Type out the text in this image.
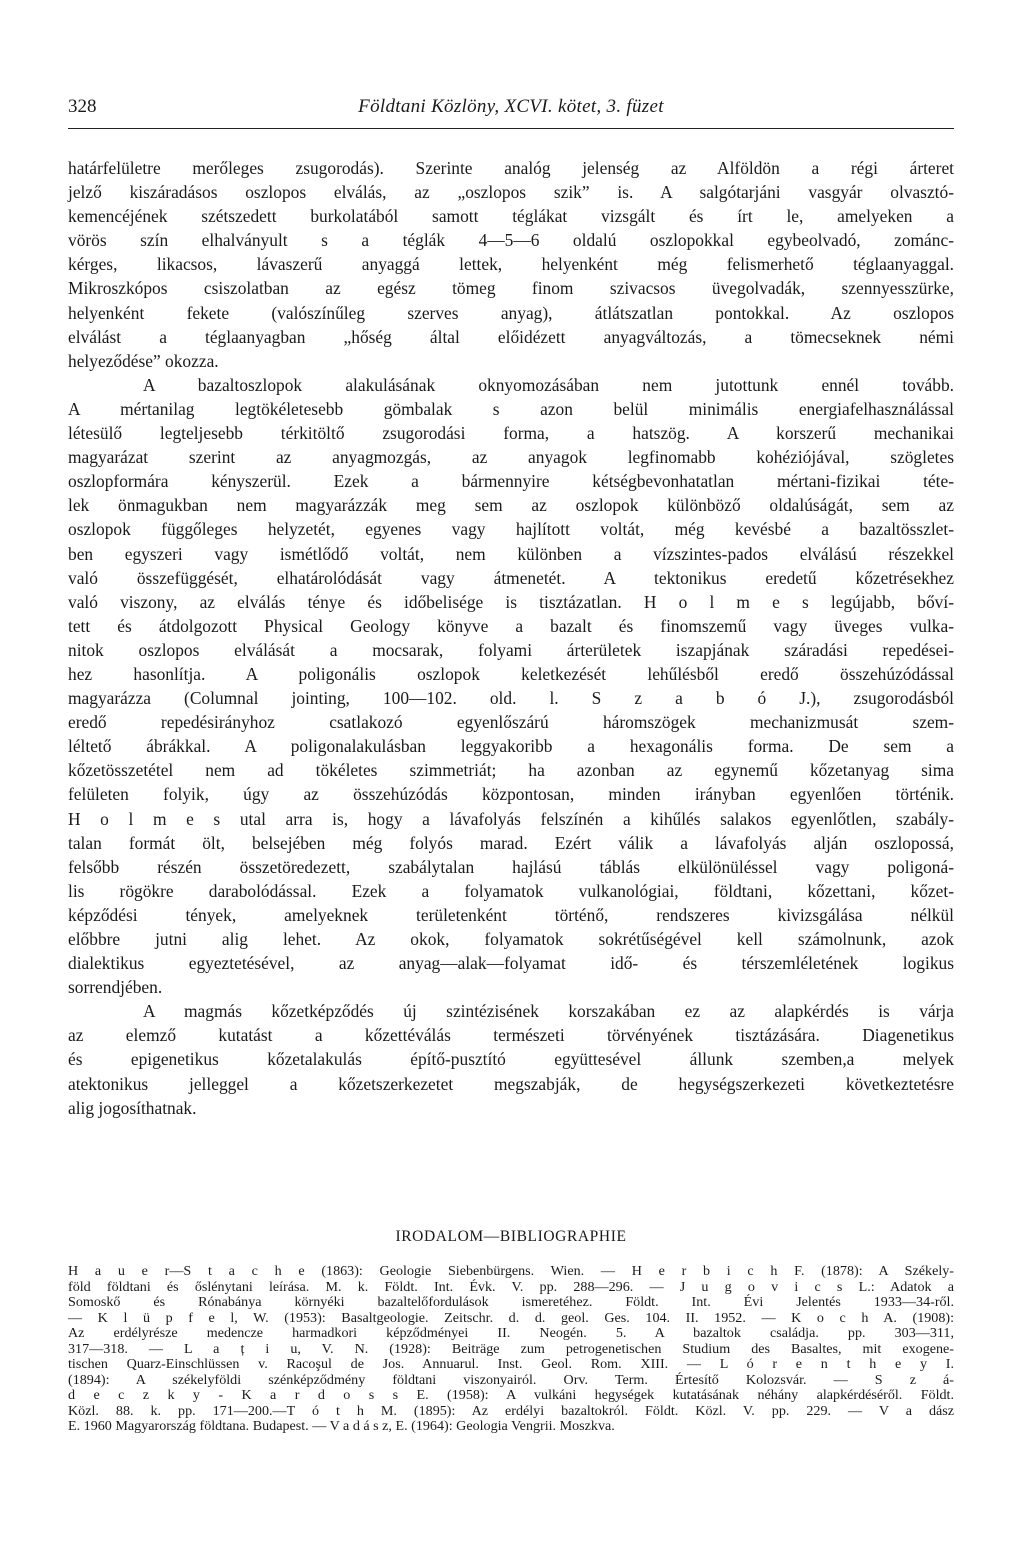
328	Földtani Közlöny, XCVI. kötet, 3. füzet

határfelületre merőleges zsugorodás). Szerinte analóg jelenség az Alföldön a régi árteret

jelző kiszáradásos oszlopos elválás, az „oszlopos szik” is. A salgótarjáni vasgyár olvasztó-

kemencéjének szétszedett burkolatából samott téglákat vizsgált és írt le, amelyeken a

vörös szín elhalványult s a téglák 4—5—6 oldalú oszlopokkal egybeolvadó, zománc-

kérges, likacsos, lávaszerű anyaggá lettek, helyenként még felismerhető téglaanyaggal.

Mikroszkópos csiszolatban az egész tömeg finom szivacsos üvegolvadák, szennyesszürke,

helyenként fekete (valószínűleg szerves anyag), átlátszatlan pontokkal. Az oszlopos

elválást a téglaanyagban „hőség által előidézett anyagváltozás, a tömecseknek némi

helyeződése” okozza.

A bazaltoszlopok alakulásának oknyomozásában nem jutottunk ennél tovább.

A mértanilag legtökéletesebb gömbalak s azon belül minimális energiafelhasználással

létesülő legteljesebb térkitöltő zsugorodási forma, a hatszög. A korszerű mechanikai

magyarázat szerint az anyagmozgás, az anyagok legfinomabb kohéziójával, szögletes

oszlopformára kényszerül. Ezek a bármennyire kétségbevonhatatlan mértani-fizikai téte-

lek önmagukban nem magyarázzák meg sem az oszlopok különböző oldalúságát, sem az

oszlopok függőleges helyzetét, egyenes vagy hajlított voltát, még kevésbé a bazaltösszlet-

ben egyszeri vagy ismétlődő voltát, nem különben a vízszintes-pados elválású részekkel

való összefüggését, elhatárolódását vagy átmenetét. A tektonikus eredetű kőzetrésekhez

való viszony, az elválás ténye és időbelisége is tisztázatlan. H o l m e s legújabb, bőví-

tett és átdolgozott Physical Geology könyve a bazalt és finomszemű vagy üveges vulka-

nitok oszlopos elválását a mocsarak, folyami árterületek iszapjának száradási repedései-

hez hasonlítja. A poligonális oszlopok keletkezését lehűlésből eredő összehúzódással

magyarázza (Columnal jointing, 100—102. old. l. S z a b ó J.), zsugorodásból

eredő repedésirányhoz csatlakozó egyenlőszárú háromszögek mechanizmusát szem-

léltető ábrákkal. A poligonalakulásban leggyakoribb a hexagonális forma. De sem a

kőzetösszetétel nem ad tökéletes szimmetriát; ha azonban az egynemű kőzetanyag sima

felületen folyik, úgy az összehúzódás központosan, minden irányban egyenlően történik.

H o l m e s utal arra is, hogy a lávafolyás felszínén a kihűlés salakos egyenlőtlen, szabály-

talan formát ölt, belsejében még folyós marad. Ezért válik a lávafolyás alján oszlopossá,

felsőbb részén összetöredezett, szabálytalan hajlású táblás elkülönüléssel vagy poligoná-

lis rögökre darabolódással. Ezek a folyamatok vulkanológiai, földtani, kőzettani, kőzet-

képződési tények, amelyeknek területenként történő, rendszeres kivizsgálása nélkül

előbbre jutni alig lehet. Az okok, folyamatok sokrétűségével kell számolnunk, azok

dialektikus egyeztetésével, az anyag—alak—folyamat idő- és térszemléletének logikus

sorrendjében.

A magmás kőzetképződés új szintézisének korszakában ez az alapkérdés is várja

az elemző kutatást a kőzettéválás természeti törvényének tisztázására. Diagenetikus

és epigenetikus kőzetalakulás építő-pusztító együttesével állunk szemben,a melyek

atektonikus jelleggel a kőzetszerkezetet megszabják, de hegységszerkezeti következtetésre

alig jogosíthatnak.

IRODALOM—BIBLIOGRAPHIE

H a u e r—S t a c h e (1863): Geologie Siebenbürgens. Wien. — H e r b i c h F. (1878): A Székely-

föld földtani és őslénytani leírása. M. k. Földt. Int. Évk. V. pp. 288—296. — J u g o v i c s L.: Adatok a

Somoskő és Rónabánya környéki bazaltelőfordulások ismeretéhez. Földt. Int. Évi Jelentés 1933—34-ről.

— K l ü p f e l, W. (1953): Basaltgeologie. Zeitschr. d. d. geol. Ges. 104. II. 1952. — K o c h A. (1908):

Az erdélyrésze medencze harmadkori képződményei II. Neogén. 5. A bazaltok családja. pp. 303—311,

317—318. — L a ț i u, V. N. (1928): Beiträge zum petrogenetischen Studium des Basaltes, mit exogene-

tischen Quarz-Einschlüssen v. Racoşul de Jos. Annuarul. Inst. Geol. Rom. XIII. — L ó r e n t h e y I.

(1894): A székelyföldi szénképződmény földtani viszonyairól. Orv. Term. Értesítő Kolozsvár. — S z á-

d e c z k y - K a r d o s s E. (1958): A vulkáni hegységek kutatásának néhány alapkérdéséről. Földt.

Közl. 88. k. pp. 171—200.—T ó t h M. (1895): Az erdélyi bazaltokról. Földt. Közl. V. pp. 229. — V a dász

E. 1960 Magyarország földtana. Budapest. — V a d á s z, E. (1964): Geologia Vengrii. Moszkva.
